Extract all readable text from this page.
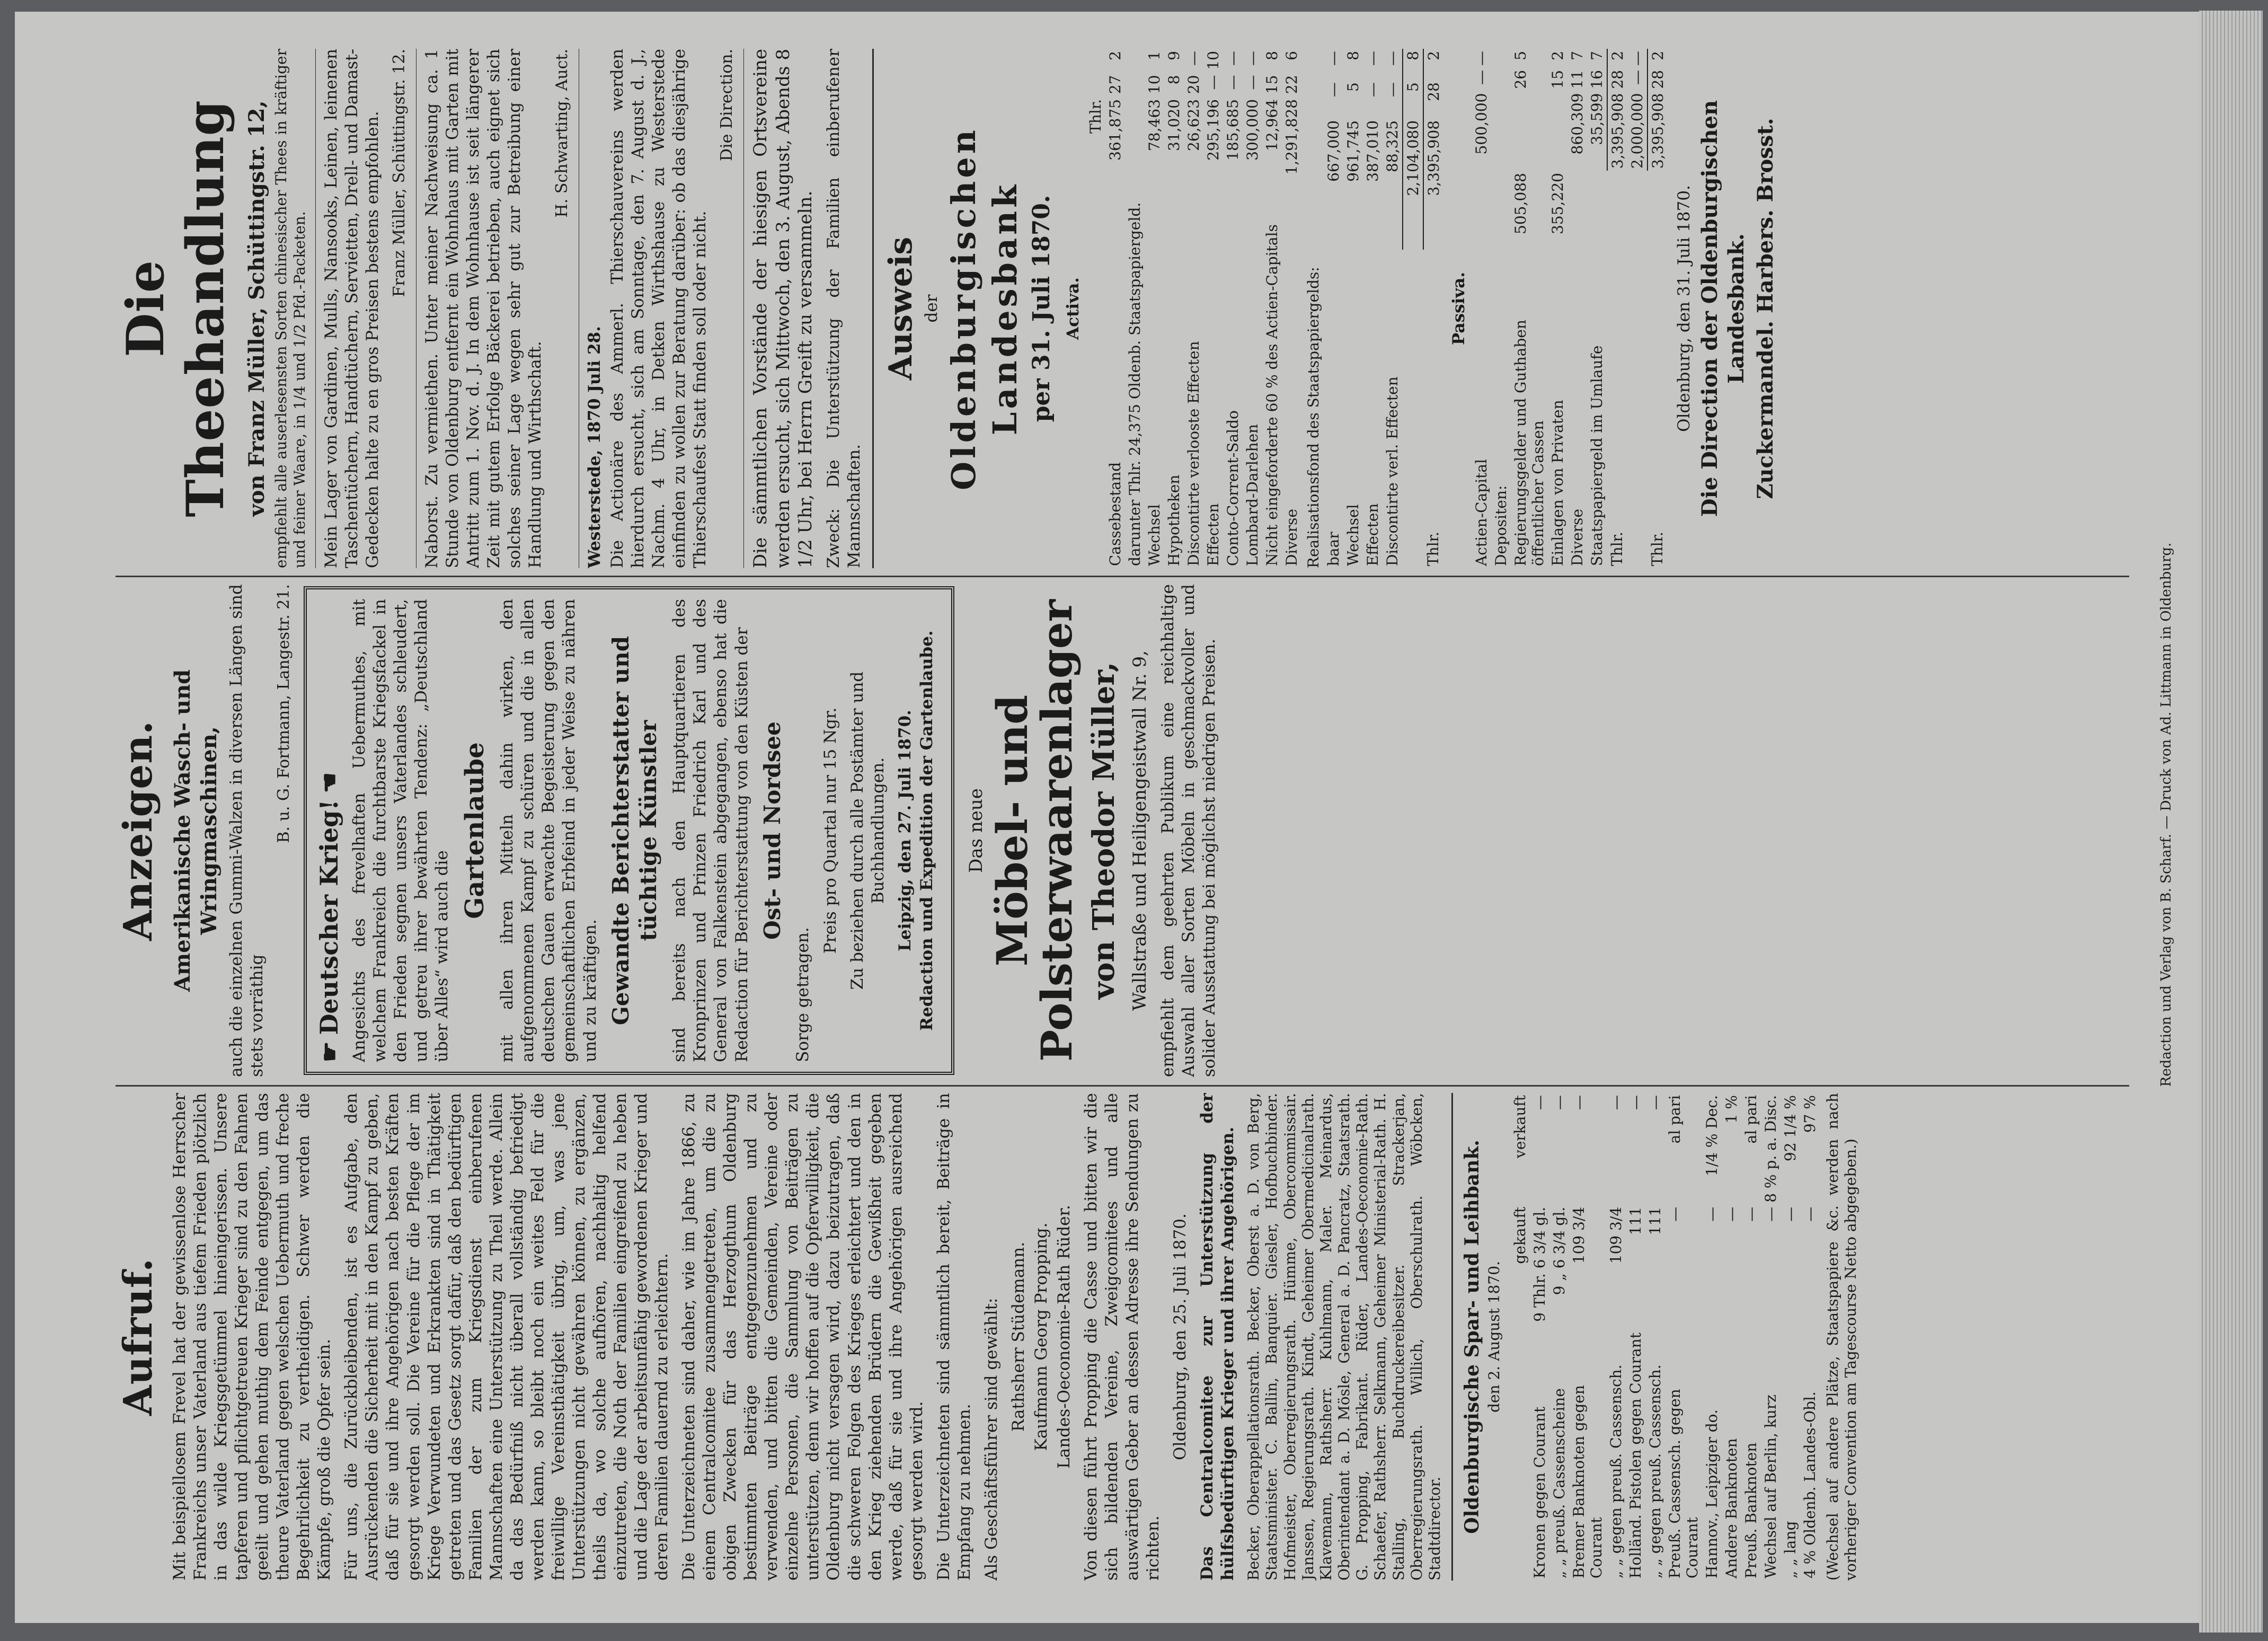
Aufruf. Mit beispiellosem Frevel hat der gewissenlose Herrscher Frankreichs unser Vaterland aus tiefem Frieden plötzlich in das wilde Kriegsgetümmel hineingerissen. Unsere tapferen und pflichtgetreuen Krieger sind zu den Fahnen geeilt und gehen muthig dem Feinde entgegen, um das theure Vaterland gegen welschen Uebermuth und freche Begehrlichkeit zu vertheidigen. Schwer werden die Kämpfe, groß die Opfer sein. Für uns, die Zurückbleibenden, ist es Aufgabe, den Ausrückenden die Sicherheit mit in den Kampf zu geben, daß für sie und ihre Angehörigen nach besten Kräften gesorgt werden soll. Die Vereine für die Pflege der im Kriege Verwundeten und Erkrankten sind in Thätigkeit getreten und das Gesetz sorgt dafür, daß den bedürftigen Familien der zum Kriegsdienst einberufenen Mannschaften eine Unterstützung zu Theil werde. Allein da das Bedürfniß nicht überall vollständig befriedigt werden kann, so bleibt noch ein weites Feld für die freiwillige Vereinsthätigkeit übrig, um, was jene Unterstützungen nicht gewähren können, zu ergänzen, theils da, wo solche aufhören, nachhaltig helfend einzutreten, die Noth der Familien eingreifend zu heben und die Lage der arbeitsunfähig gewordenen Krieger und deren Familien dauernd zu erleichtern. Die Unterzeichneten sind daher, wie im Jahre 1866, zu einem Centralcomitee zusammengetreten, um die zu obigen Zwecken für das Herzogthum Oldenburg bestimmten Beiträge entgegenzunehmen und zu verwenden, und bitten die Gemeinden, Vereine oder einzelne Personen, die Sammlung von Beiträgen zu unterstützen, denn wir hoffen auf die Opferwilligkeit, die Oldenburg nicht versagen wird, dazu beizutragen, daß die schweren Folgen des Krieges erleichtert und den in den Krieg ziehenden Brüdern die Gewißheit gegeben werde, daß für sie und ihre Angehörigen ausreichend gesorgt werden wird. Die Unterzeichneten sind sämmtlich bereit, Beiträge in Empfang zu nehmen. Als Geschäftsführer sind gewählt: Rathsherr Stüdemann. Kaufmann Georg Propping. Landes-Oeconomie-Rath Rüder. Von diesen führt Propping die Casse und bitten wir die sich bildenden Vereine, Zweigcomitees und alle auswärtigen Geber an dessen Adresse ihre Sendungen zu richten.

Oldenburg, den 25. Juli 1870. Das Centralcomitee zur Unterstützung der hülfsbedürftigen Krieger und ihrer Angehörigen. Becker, Oberappellationsrath. Becker, Oberst a. D. von Berg, Staatsminister. C. Ballin, Banquier. Giesler, Hofbuchbinder. Hofmeister, Oberregierungsrath. Hümme, Obercommissair. Janssen, Regierungsrath. Kindt, Geheimer Obermedicinalrath. Klavemann, Rathsherr. Kuhlmann, Maler. Meinardus, Oberintendant a. D. Mösle, General a. D. Pancratz, Staatsrath. G. Propping, Fabrikant. Rüder, Landes-Oeconomie-Rath. Schaefer, Rathsherr. Selkmann, Geheimer Ministerial-Rath. H. Stalling, Buchdruckereibesitzer. Strackerjan, Oberregierungsrath. Willich, Oberschulrath. Wöbcken, Stadtdirector. Oldenburgische Spar- und Leihbank. den 2. August 1870.

	gekauft	verkauft
Kronen gegen Courant	9 Thlr. 6 3/4 gl.	—
„ „ preuß. Cassenscheine	9 „ 6 3/4 gl.	—
Bremer Banknoten gegen Courant	109 3/4	—
„ „ gegen preuß. Cassensch.	109 3/4	—
Holländ. Pistolen gegen Courant	111	—
„ „ gegen preuß. Cassensch.	111	—
Preuß. Cassensch. gegen Courant	—	al pari
Hannov., Leipziger do.	—	1/4 % Dec.
Andere Banknoten	—	1 %
Preuß. Banknoten	—	al pari
Wechsel auf Berlin, kurz	—	8 % p. a. Disc.
„ „ lang	—	92 1/4 %
4 % Oldenb. Landes-Obl.	—	97 % (Wechsel auf andere Plätze, Staatspapiere &c. werden nach vorheriger Convention am Tagescourse Netto abgegeben.)

Anzeigen. Amerikanische Wasch- und Wringmaschinen, auch die einzelnen Gummi-Walzen in diversen Längen sind stets vorräthig

B. u. G. Fortmann, Langestr. 21.

☛Deutscher Krieg!☚ Angesichts des frevelhaften Uebermuthes, mit welchem Frankreich die furchtbarste Kriegsfackel in den Frieden segnen unsers Vaterlandes schleudert, und getreu ihrer bewährten Tendenz: „Deutschland über Alles“ wird auch die

Gartenlaube mit allen ihren Mitteln dahin wirken, den aufgenommenen Kampf zu schüren und die in allen deutschen Gauen erwachte Begeisterung gegen den gemeinschaftlichen Erbfeind in jeder Weise zu nähren und zu kräftigen. Gewandte Berichterstatter und tüchtige Künstler sind bereits nach den Hauptquartieren des Kronprinzen und Prinzen Friedrich Karl und des General von Falkenstein abgegangen, ebenso hat die Redaction für Berichterstattung von den Küsten der Ost- und Nordsee

Sorge getragen.

Preis pro Quartal nur 15 Ngr. Zu beziehen durch alle Postämter und Buchhandlungen. Leipzig, den 27. Juli 1870. Redaction und Expedition der Gartenlaube. Das neue Möbel- und Polsterwaarenlager von Theodor Müller, Wallstraße und Heiligengeistwall Nr. 9, empfiehlt dem geehrten Publikum eine reichhaltige Auswahl aller Sorten Möbeln in geschmackvoller und solider Ausstattung bei möglichst niedrigen Preisen.

Die Theehandlung von Franz Müller, Schüttingstr. 12, empfiehlt alle auserlesensten Sorten chinesischer Thees in kräftiger und feiner Waare, in 1/4 und 1/2 Pfd.-Packeten. Mein Lager von Gardinen, Mulls, Nansooks, Leinen, leinenen Taschentüchern, Handtüchern, Servietten, Drell- und Damast-Gedecken halte zu en gros Preisen bestens empfohlen. Franz Müller, Schüttingstr. 12. Naborst. Zu vermiethen. Unter meiner Nachweisung ca. 1 Stunde von Oldenburg entfernt ein Wohnhaus mit Garten mit Antritt zum 1. Nov. d. J. In dem Wohnhause ist seit längerer Zeit mit gutem Erfolge Bäckerei betrieben, auch eignet sich solches seiner Lage wegen sehr gut zur Betreibung einer Handlung und Wirthschaft.

H. Schwarting, Auct.

Westerstede, 1870 Juli 28. Die Actionäre des Ammerl. Thierschauvereins werden hierdurch ersucht, sich am Sonntage, den 7. August d. J., Nachm. 4 Uhr, in Detken Wirthshause zu Westerstede einfinden zu wollen zur Beratung darüber: ob das diesjährige Thierschaufest Statt finden soll oder nicht.

Die Direction. Die sämmtlichen Vorstände der hiesigen Ortsvereine werden ersucht, sich Mittwoch, den 3. August, Abends 8 1/2 Uhr, bei Herrn Greift zu versammeln. Zweck: Die Unterstützung der Familien einberufener Mannschaften.

Ausweis der Oldenburgischen Landesbank per 31. Juli 1870. Activa.

		Thlr.		
Cassebestand		361,875	27	2
darunter Thlr. 24,375 Oldenb. Staatspapiergeld.				
Wechsel		78,463	10	1
Hypotheken		31,020	8	9
Discontirte verlooste Effecten		26,623	20	—
Effecten		295,196	—	10
Conto-Corrent-Saldo		185,685	—	—
Lombard-Darlehen		300,000	—	—
Nicht eingeforderte 60 % des Actien-Capitals		12,964	15	8
Diverse		1,291,828	22	6

Realisationsfond des Staatspapiergelds: baar	667,000	—	—
Wechsel	961,745	5	8
Effecten	387,010	—	—
Discontirte verl. Effecten	88,325	—	—
	2,104,080	5	8
Thlr.	3,395,908	28	2

Passiva.

Actien-Capital		500,000	—	—
Depositen:				
Regierungsgelder und Guthaben öffentlicher Cassen	505,088		26	5
Einlagen von Privaten	355,220		15	2
Diverse		860,309	11	7
Staatspapiergeld im Umlaufe		35,599	16	7
Thlr.		3,395,908	28	2
		2,000,000	—	—
Thlr.		3,395,908	28	2

Oldenburg, den 31. Juli 1870. Die Direction der Oldenburgischen Landesbank. Zuckermandel. Harbers. Brosst.

Redaction und Verlag von B. Scharf. — Druck von Ad. Littmann in Oldenburg.
